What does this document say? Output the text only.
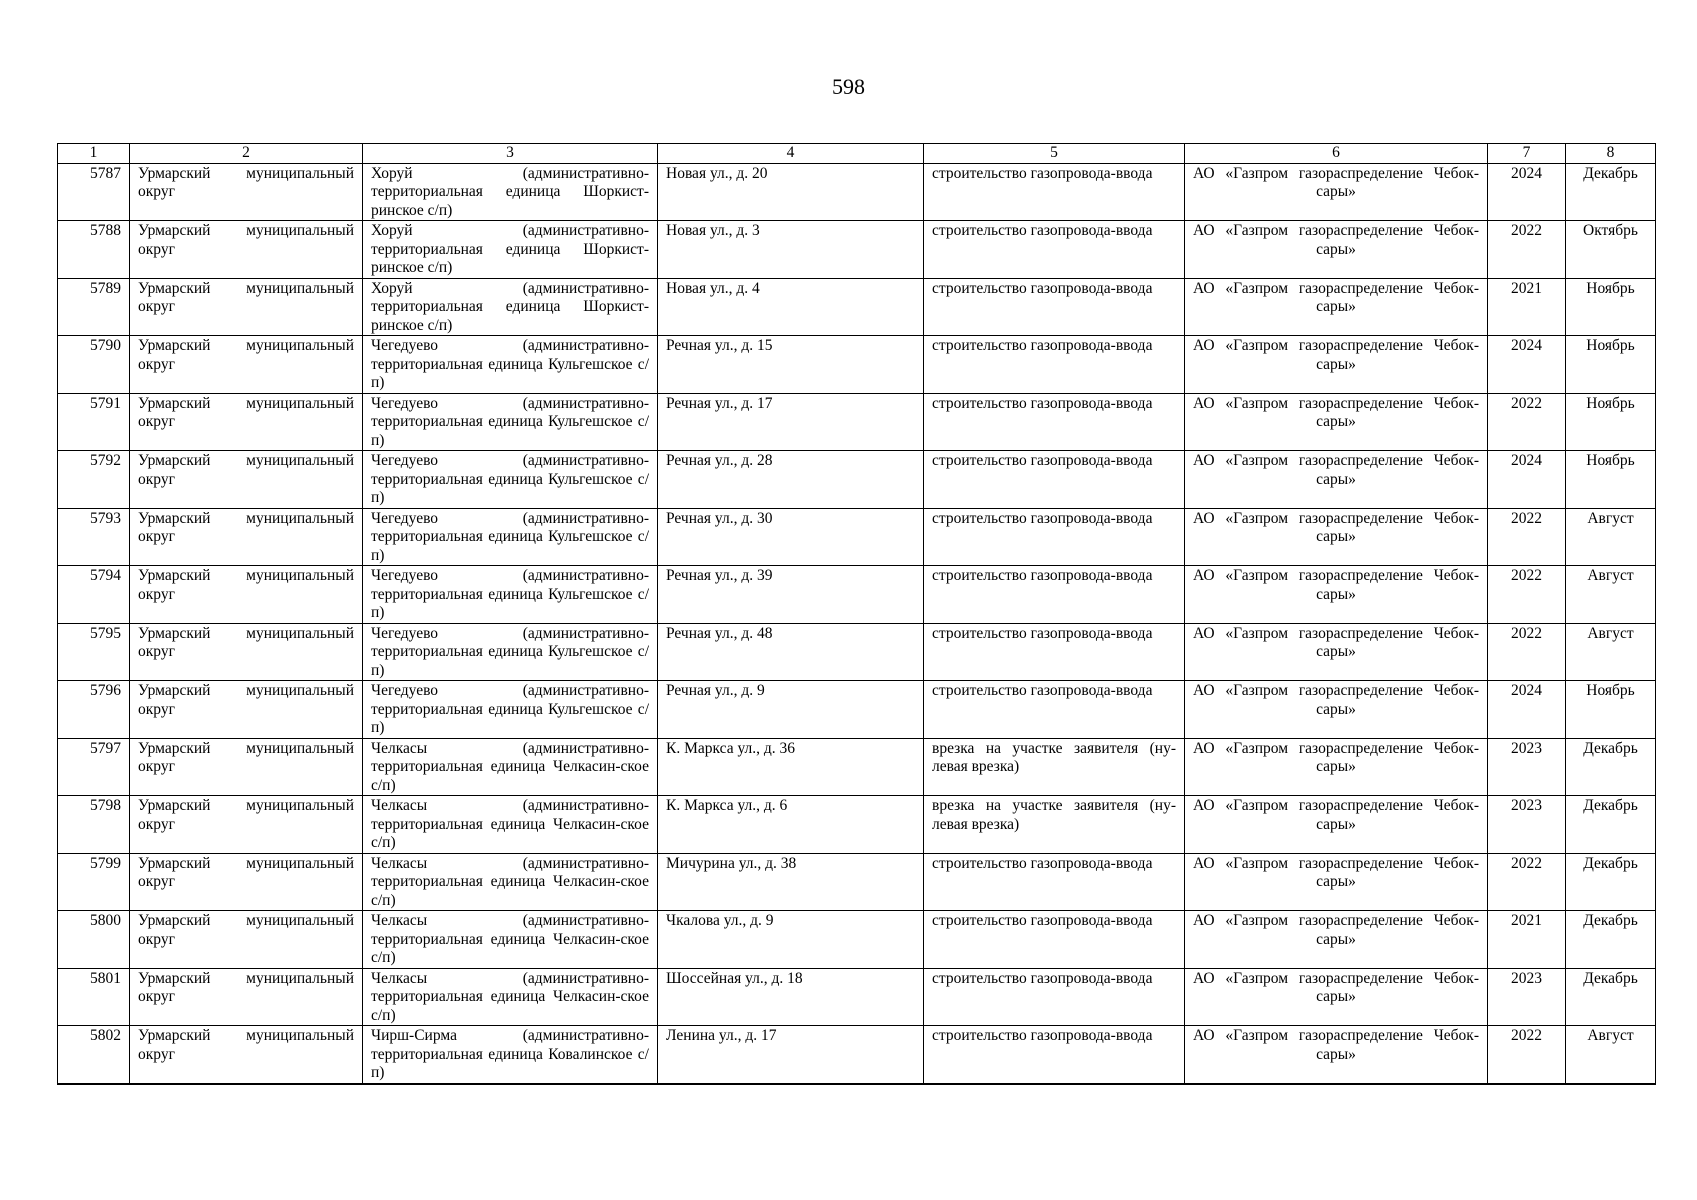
598
1	2	3	4	5	6	7	8
5787	Урмарский муниципальный округ	Хоруй (административно-территориальная единица Шоркист-ринское с/п)	Новая ул., д. 20	строительство газопровода-ввода	АО «Газпром газораспределение Чебок-сары»	2024	Декабрь
5788	Урмарский муниципальный округ	Хоруй (административно-территориальная единица Шоркист-ринское с/п)	Новая ул., д. 3	строительство газопровода-ввода	АО «Газпром газораспределение Чебок-сары»	2022	Октябрь
5789	Урмарский муниципальный округ	Хоруй (административно-территориальная единица Шоркист-ринское с/п)	Новая ул., д. 4	строительство газопровода-ввода	АО «Газпром газораспределение Чебок-сары»	2021	Ноябрь
5790	Урмарский муниципальный округ	Чегедуево (административно-территориальная единица Кульгешское с/п)	Речная ул., д. 15	строительство газопровода-ввода	АО «Газпром газораспределение Чебок-сары»	2024	Ноябрь
5791	Урмарский муниципальный округ	Чегедуево (административно-территориальная единица Кульгешское с/п)	Речная ул., д. 17	строительство газопровода-ввода	АО «Газпром газораспределение Чебок-сары»	2022	Ноябрь
5792	Урмарский муниципальный округ	Чегедуево (административно-территориальная единица Кульгешское с/п)	Речная ул., д. 28	строительство газопровода-ввода	АО «Газпром газораспределение Чебок-сары»	2024	Ноябрь
5793	Урмарский муниципальный округ	Чегедуево (административно-территориальная единица Кульгешское с/п)	Речная ул., д. 30	строительство газопровода-ввода	АО «Газпром газораспределение Чебок-сары»	2022	Август
5794	Урмарский муниципальный округ	Чегедуево (административно-территориальная единица Кульгешское с/п)	Речная ул., д. 39	строительство газопровода-ввода	АО «Газпром газораспределение Чебок-сары»	2022	Август
5795	Урмарский муниципальный округ	Чегедуево (административно-территориальная единица Кульгешское с/п)	Речная ул., д. 48	строительство газопровода-ввода	АО «Газпром газораспределение Чебок-сары»	2022	Август
5796	Урмарский муниципальный округ	Чегедуево (административно-территориальная единица Кульгешское с/п)	Речная ул., д. 9	строительство газопровода-ввода	АО «Газпром газораспределение Чебок-сары»	2024	Ноябрь
5797	Урмарский муниципальный округ	Челкасы (административно-территориальная единица Челкасин-ское с/п)	К. Маркса ул., д. 36	врезка на участке заявителя (ну-левая врезка)	АО «Газпром газораспределение Чебок-сары»	2023	Декабрь
5798	Урмарский муниципальный округ	Челкасы (административно-территориальная единица Челкасин-ское с/п)	К. Маркса ул., д. 6	врезка на участке заявителя (ну-левая врезка)	АО «Газпром газораспределение Чебок-сары»	2023	Декабрь
5799	Урмарский муниципальный округ	Челкасы (административно-территориальная единица Челкасин-ское с/п)	Мичурина ул., д. 38	строительство газопровода-ввода	АО «Газпром газораспределение Чебок-сары»	2022	Декабрь
5800	Урмарский муниципальный округ	Челкасы (административно-территориальная единица Челкасин-ское с/п)	Чкалова ул., д. 9	строительство газопровода-ввода	АО «Газпром газораспределение Чебок-сары»	2021	Декабрь
5801	Урмарский муниципальный округ	Челкасы (административно-территориальная единица Челкасин-ское с/п)	Шоссейная ул., д. 18	строительство газопровода-ввода	АО «Газпром газораспределение Чебок-сары»	2023	Декабрь
5802	Урмарский муниципальный округ	Чирш-Сирма (административно-территориальная единица Ковалинское с/п)	Ленина ул., д. 17	строительство газопровода-ввода	АО «Газпром газораспределение Чебок-сары»	2022	Август
